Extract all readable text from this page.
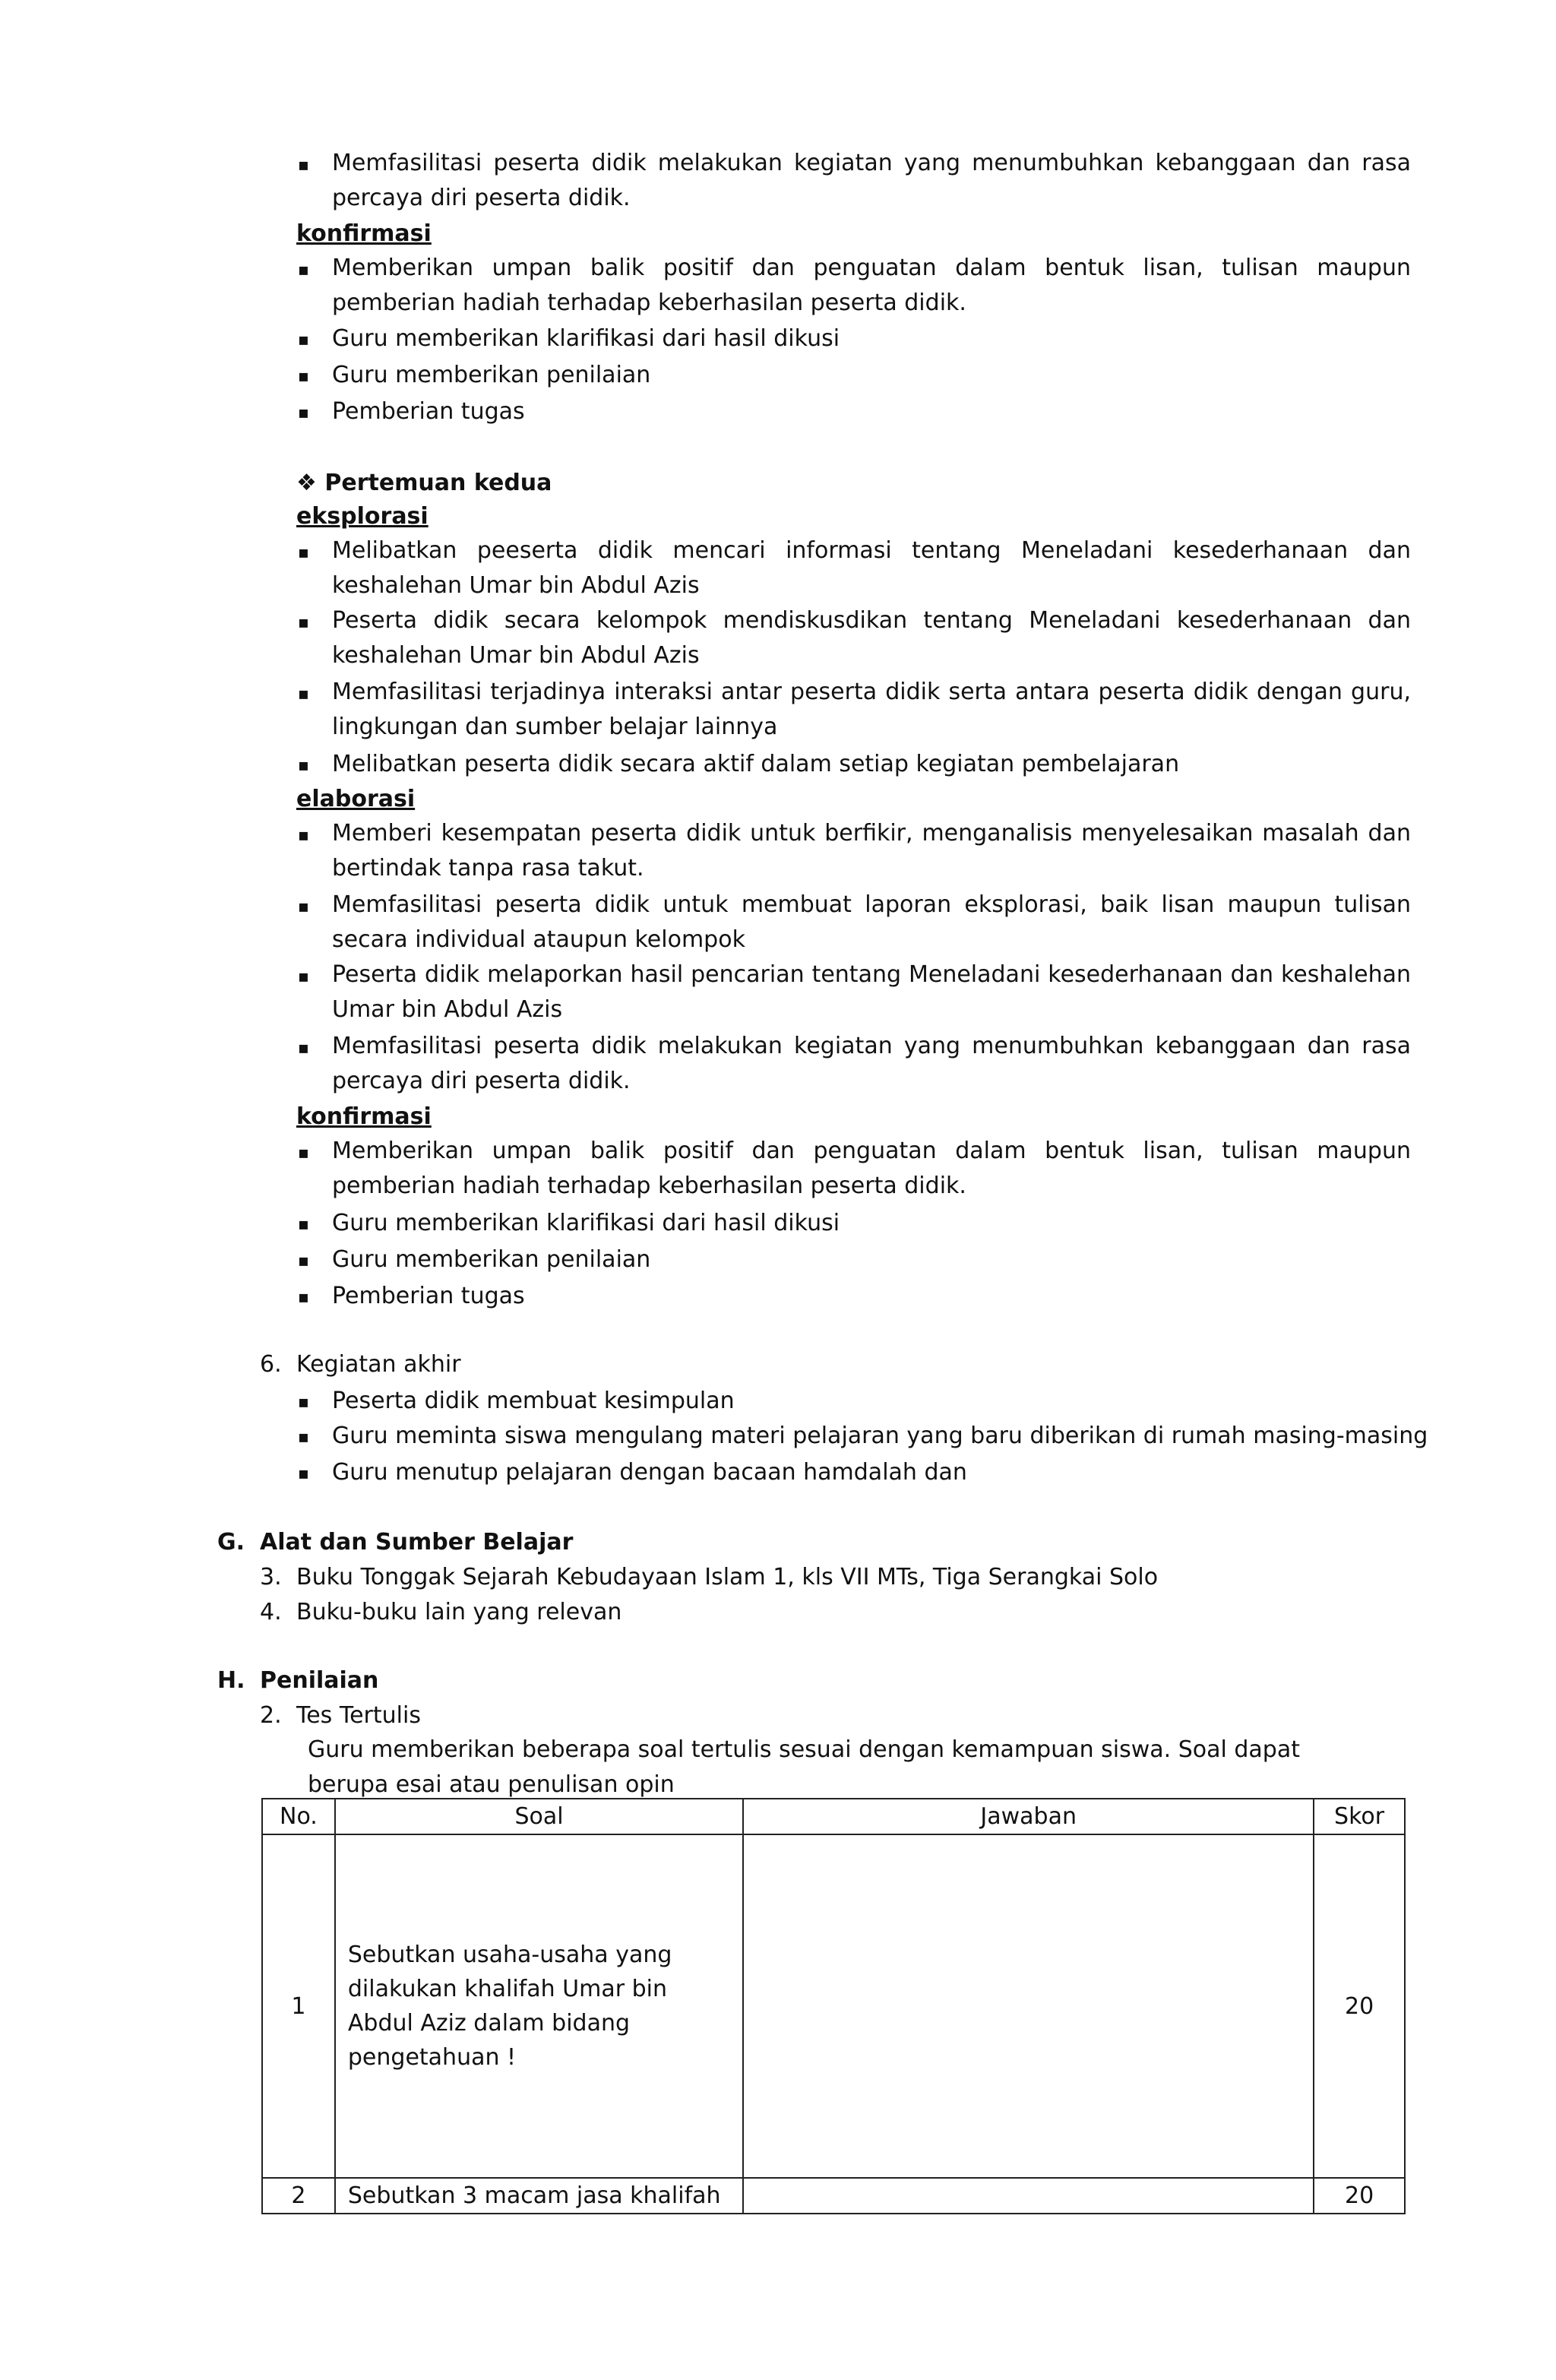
▪ Memfasilitasi peserta didik melakukan kegiatan yang menumbuhkan kebanggaan dan rasa percaya diri peserta didik.
konfirmasi
▪ Memberikan umpan balik positif dan penguatan dalam bentuk lisan, tulisan maupun pemberian hadiah terhadap keberhasilan peserta didik.
▪ Guru memberikan klarifikasi dari hasil dikusi
▪ Guru memberikan penilaian
▪ Pemberian tugas
❖ Pertemuan kedua
eksplorasi
▪ Melibatkan peeserta didik mencari informasi tentang Meneladani kesederhanaan dan keshalehan Umar bin Abdul Azis
▪ Peserta didik secara kelompok mendiskusdikan tentang Meneladani kesederhanaan dan keshalehan Umar bin Abdul Azis
▪ Memfasilitasi terjadinya interaksi antar peserta didik serta antara peserta didik dengan guru, lingkungan dan sumber belajar lainnya
▪ Melibatkan peserta didik secara aktif dalam setiap kegiatan pembelajaran
elaborasi
▪ Memberi kesempatan peserta didik untuk berfikir, menganalisis menyelesaikan masalah dan bertindak tanpa rasa takut.
▪ Memfasilitasi peserta didik untuk membuat laporan eksplorasi, baik lisan maupun tulisan secara individual ataupun kelompok
▪ Peserta didik melaporkan hasil pencarian tentang Meneladani kesederhanaan dan keshalehan Umar bin Abdul Azis
▪ Memfasilitasi peserta didik melakukan kegiatan yang menumbuhkan kebanggaan dan rasa percaya diri peserta didik.
konfirmasi
▪ Memberikan umpan balik positif dan penguatan dalam bentuk lisan, tulisan maupun pemberian hadiah terhadap keberhasilan peserta didik.
▪ Guru memberikan klarifikasi dari hasil dikusi
▪ Guru memberikan penilaian
▪ Pemberian tugas
6. Kegiatan akhir
▪ Peserta didik membuat kesimpulan
▪ Guru meminta siswa mengulang materi pelajaran yang baru diberikan di rumah masing-masing
▪ Guru menutup pelajaran dengan bacaan hamdalah dan
G. Alat dan Sumber Belajar
3. Buku Tonggak Sejarah Kebudayaan Islam 1, kls VII MTs, Tiga Serangkai Solo
4. Buku-buku lain yang relevan
H. Penilaian
2. Tes Tertulis
Guru memberikan beberapa soal tertulis sesuai dengan kemampuan siswa. Soal dapat berupa esai atau penulisan opin
No.	Soal	Jawaban	Skor
1	Sebutkan usaha-usaha yang dilakukan khalifah Umar bin Abdul Aziz dalam bidang pengetahuan !		20
2	Sebutkan 3 macam jasa khalifah		20
